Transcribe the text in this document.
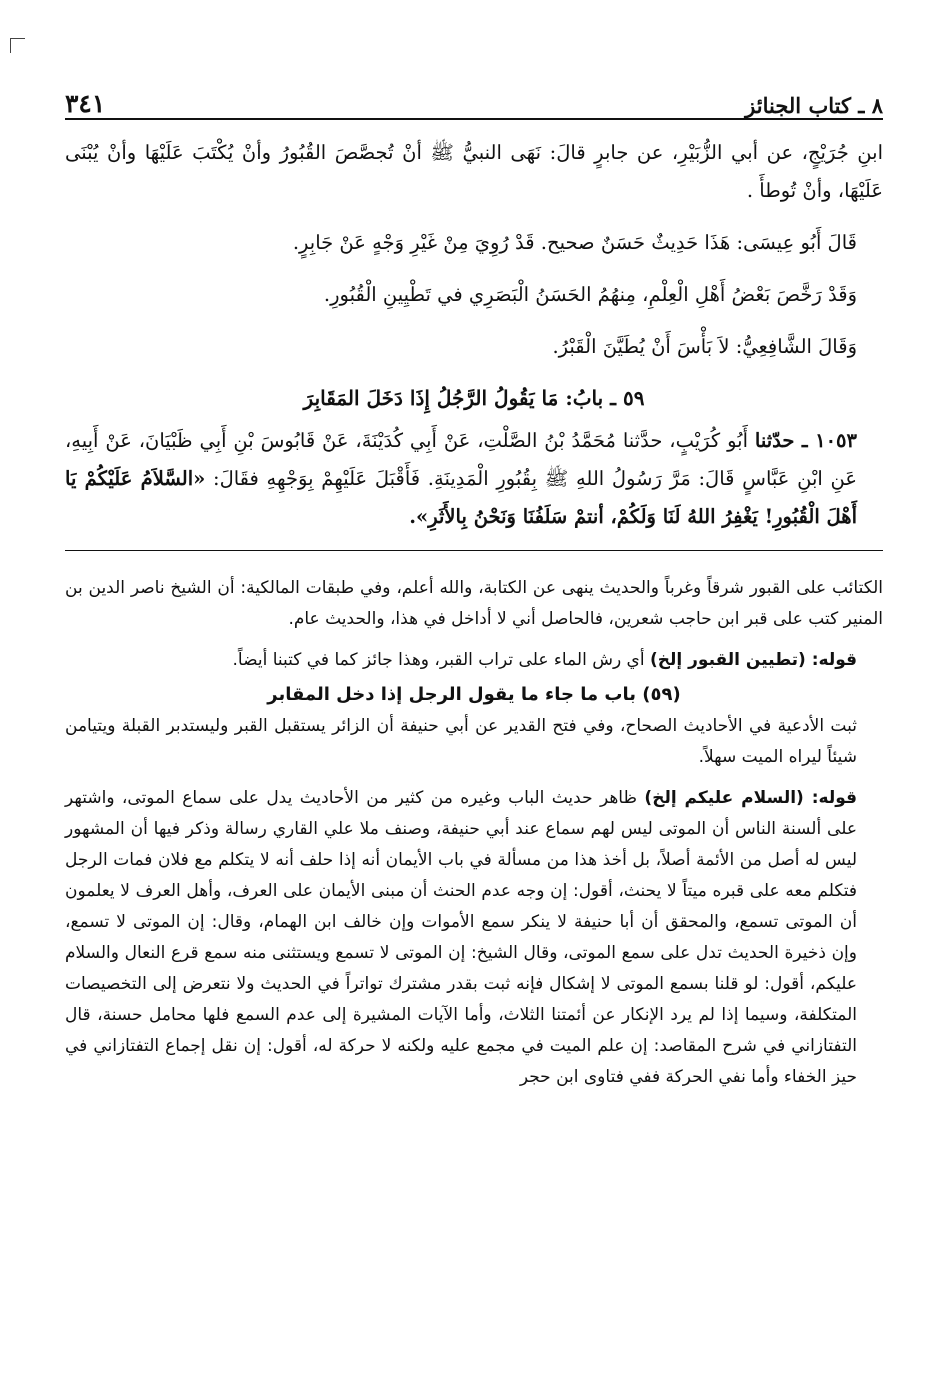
٨ ـ كتاب الجنائز
٣٤١

ابنِ جُرَيْجٍ، عن أبي الزُّبَيْرِ، عن جابرٍ قالَ: نَهَى النبيُّ ﷺ أنْ تُجصَّصَ القُبُورُ وأنْ يُكْتَبَ عَلَيْهَا وأنْ يُبْنَى عَلَيْهَا، وأنْ تُوطأَ .

قَالَ أَبُو عِيسَى: هَذَا حَدِيثٌ حَسَنٌ صحيح. قَدْ رُوِيَ مِنْ غَيْرِ وَجْهٍ عَنْ جَابِرٍ.

وَقَدْ رَخَّصَ بَعْضُ أَهْلِ الْعِلْمِ، مِنهُمُ الحَسَنُ الْبَصَرِي في تَطْيِينِ الْقُبُورِ.

وَقَالَ الشَّافِعِيُّ: لاَ بَأْسَ أَنْ يُطَيَّنَ الْقَبْرُ.

٥٩ ـ بابُ: مَا يَقُولُ الرَّجُلُ إِذَا دَخَلَ المَقَابِرَ

١٠٥٣ ـ حدّثنا أَبُو كُرَيْبٍ، حدَّثنا مُحَمَّدُ بْنُ الصَّلْتِ، عَنْ أَبِي كُدَيْنَةَ، عَنْ قَابُوسَ بْنِ أَبِي ظَبْيَانَ، عَنْ أَبِيهِ، عَنِ ابْنِ عَبَّاسٍ قَالَ: مَرَّ رَسُولُ اللهِ ﷺ بِقُبُورِ الْمَدِينَةِ. فَأَقْبَلَ عَلَيْهِمْ بِوَجْهِهِ فقَالَ: «السَّلاَمُ عَلَيْكُمْ يَا أَهْلَ الْقُبُورِ! يَغْفِرُ اللهُ لَنَا وَلَكُمْ، أنتمْ سَلَفُنَا وَنَحْنُ بِالأَثَرِ».

الكتائب على القبور شرقاً وغرباً والحديث ينهى عن الكتابة، والله أعلم، وفي طبقات المالكية: أن الشيخ ناصر الدين بن المنير كتب على قبر ابن حاجب شعرين، فالحاصل أني لا أداخل في هذا، والحديث عام.

قوله: (تطيين القبور إلخ) أي رش الماء على تراب القبر، وهذا جائز كما في كتبنا أيضاً.

(٥٩) باب ما جاء ما يقول الرجل إذا دخل المقابر

ثبت الأدعية في الأحاديث الصحاح، وفي فتح القدير عن أبي حنيفة أن الزائر يستقبل القبر وليستدبر القبلة ويتيامن شيئاً ليراه الميت سهلاً.

قوله: (السلام عليكم إلخ) ظاهر حديث الباب وغيره من كثير من الأحاديث يدل على سماع الموتى، واشتهر على ألسنة الناس أن الموتى ليس لهم سماع عند أبي حنيفة، وصنف ملا علي القاري رسالة وذكر فيها أن المشهور ليس له أصل من الأئمة أصلاً، بل أخذ هذا من مسألة في باب الأيمان أنه إذا حلف أنه لا يتكلم مع فلان فمات الرجل فتكلم معه على قبره ميتاً لا يحنث، أقول: إن وجه عدم الحنث أن مبنى الأيمان على العرف، وأهل العرف لا يعلمون أن الموتى تسمع، والمحقق أن أبا حنيفة لا ينكر سمع الأموات وإن خالف ابن الهمام، وقال: إن الموتى لا تسمع، وإن ذخيرة الحديث تدل على سمع الموتى، وقال الشيخ: إن الموتى لا تسمع ويستثنى منه سمع قرع النعال والسلام عليكم، أقول: لو قلنا بسمع الموتى لا إشكال فإنه ثبت بقدر مشترك تواتراً في الحديث ولا نتعرض إلى التخصيصات المتكلفة، وسيما إذا لم يرد الإنكار عن أئمتنا الثلاث، وأما الآيات المشيرة إلى عدم السمع فلها محامل حسنة، قال التفتازاني في شرح المقاصد: إن علم الميت في مجمع عليه ولكنه لا حركة له، أقول: إن نقل إجماع التفتازاني في حيز الخفاء وأما نفي الحركة ففي فتاوى ابن حجر
